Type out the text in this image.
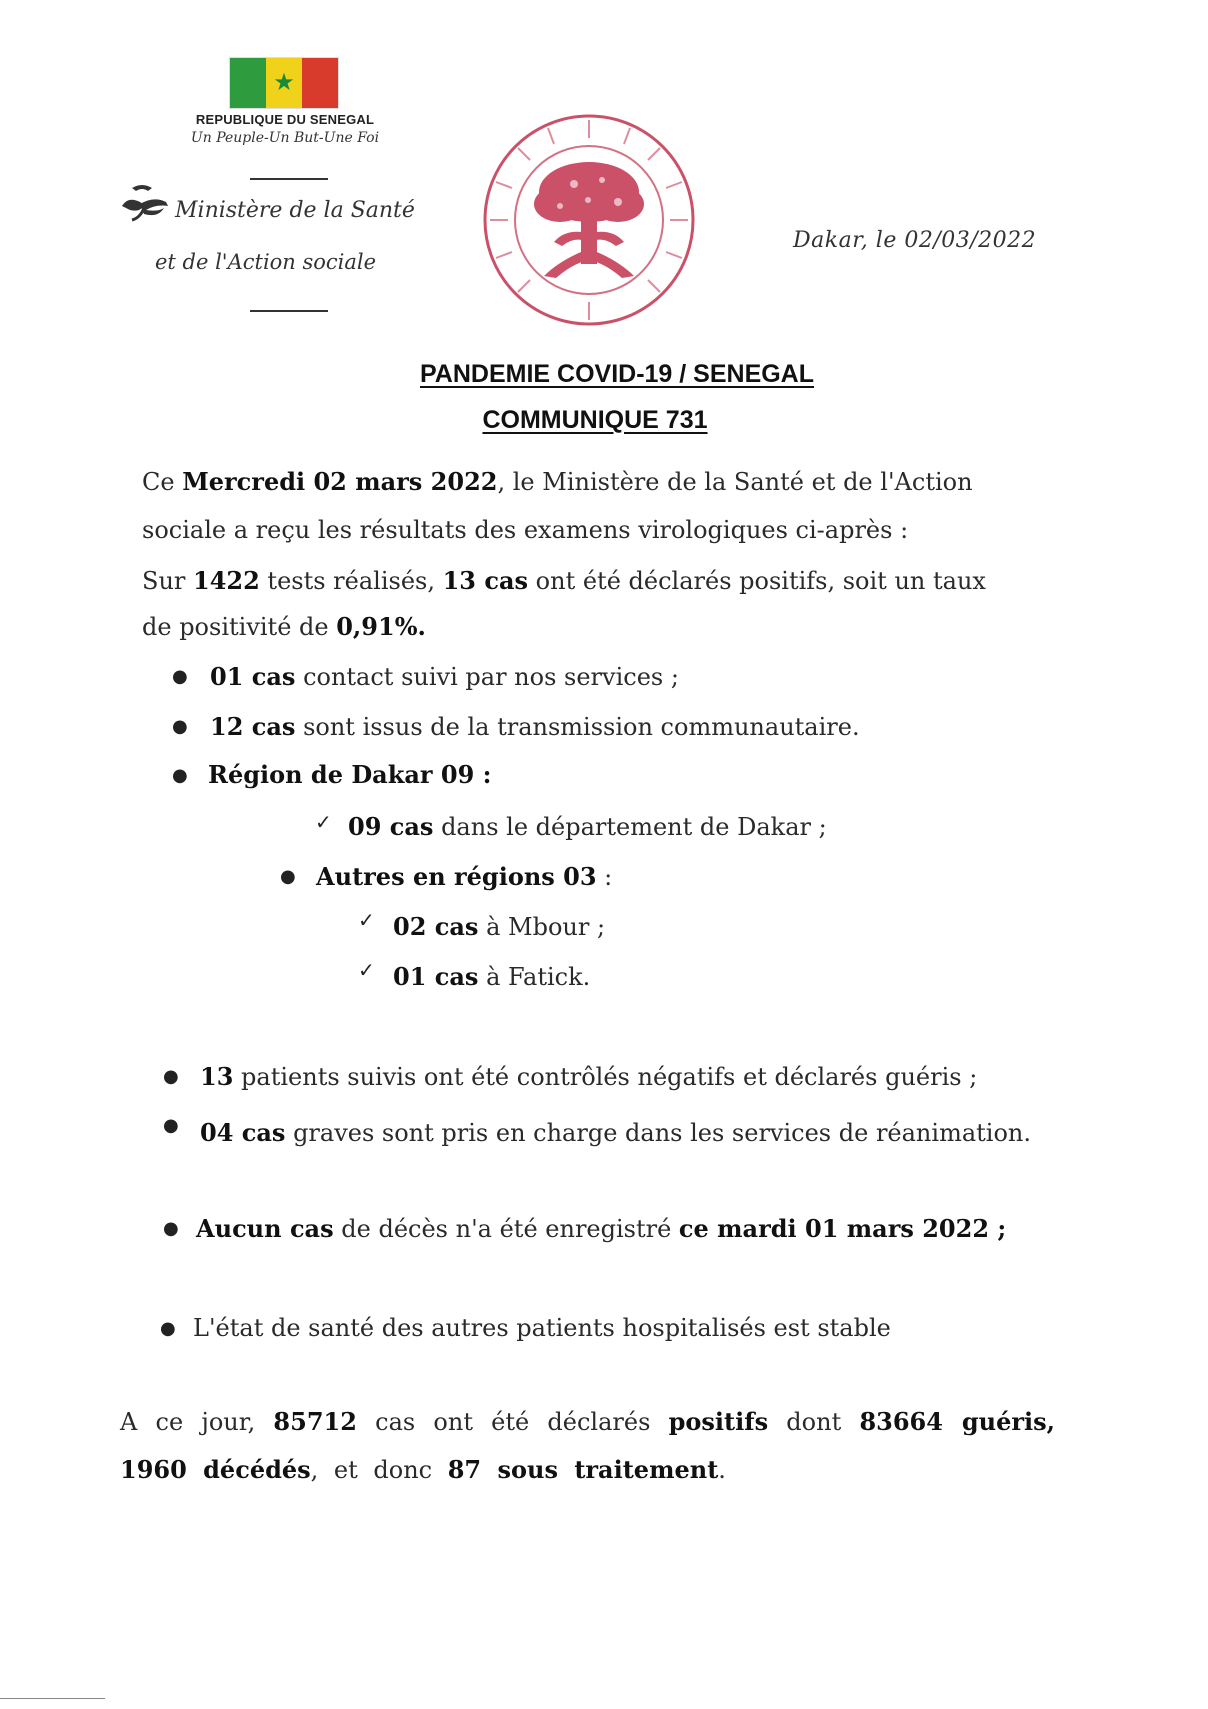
★
REPUBLIQUE DU SENEGAL
Un Peuple-Un But-Une Foi
Ministère de la Santé
et de l'Action sociale
Dakar, le 02/03/2022
PANDEMIE COVID-19 / SENEGAL
COMMUNIQUE 731
Ce Mercredi 02 mars 2022, le Ministère de la Santé et de l'Action
sociale a reçu les résultats des examens virologiques ci-après :
Sur 1422 tests réalisés, 13 cas ont été déclarés positifs, soit un taux
de positivité de 0,91%.
● 01 cas contact suivi par nos services ;
● 12 cas sont issus de la transmission communautaire.
● Région de Dakar 09 :
✓ 09 cas dans le département de Dakar ;
● Autres en régions 03 :
✓ 02 cas à Mbour ;
✓ 01 cas à Fatick.
● 13 patients suivis ont été contrôlés négatifs et déclarés guéris ;
● 04 cas graves sont pris en charge dans les services de réanimation.
● Aucun cas de décès n'a été enregistré ce mardi 01 mars 2022 ;
● L'état de santé des autres patients hospitalisés est stable
A ce jour, 85712 cas ont été déclarés positifs dont 83664 guéris, 1960 décédés, et donc 87 sous traitement.
